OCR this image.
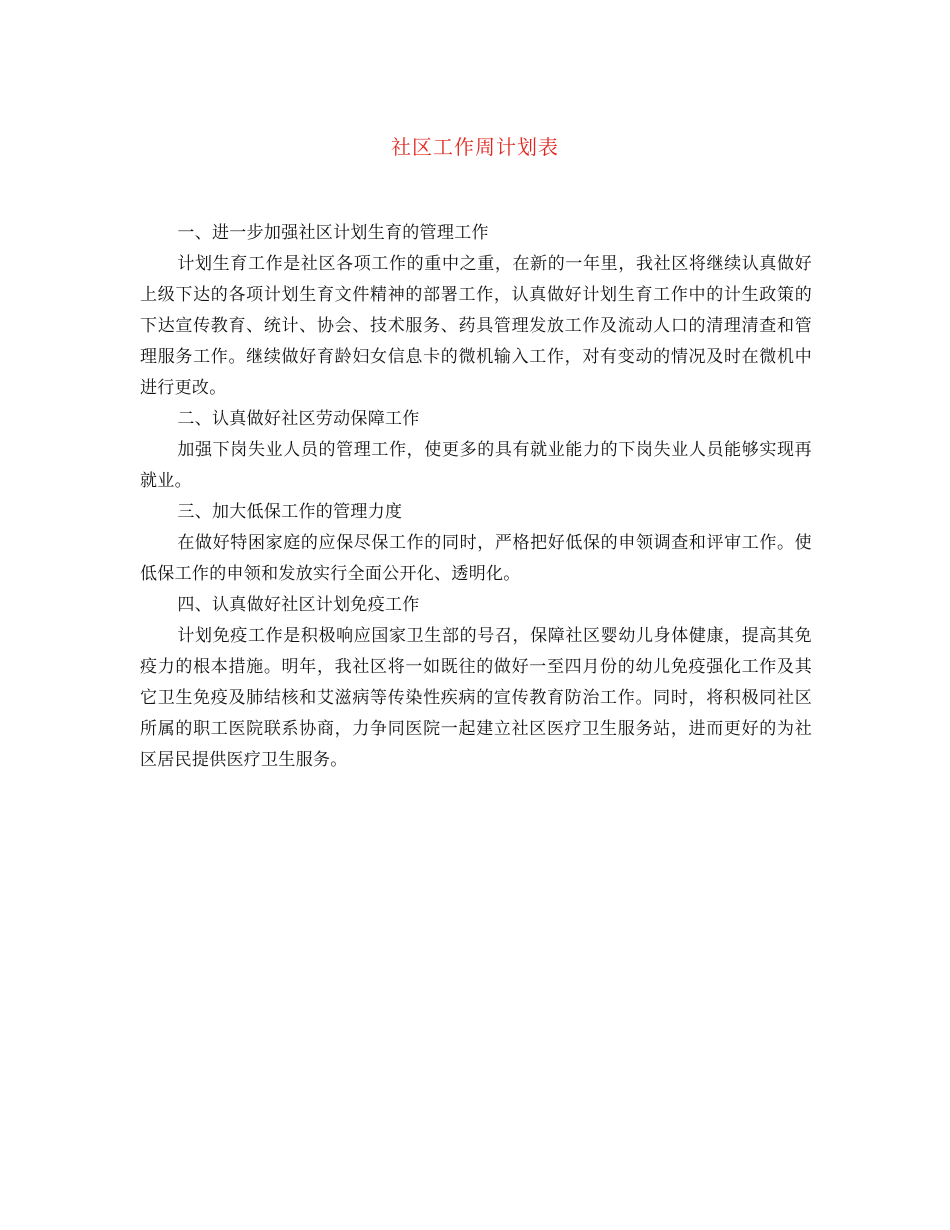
社区工作周计划表

一、进一步加强社区计划生育的管理工作

计划生育工作是社区各项工作的重中之重，在新的一年里，我社区将继续认真做好上级下达的各项计划生育文件精神的部署工作，认真做好计划生育工作中的计生政策的下达宣传教育、统计、协会、技术服务、药具管理发放工作及流动人口的清理清查和管理服务工作。继续做好育龄妇女信息卡的微机输入工作，对有变动的情况及时在微机中进行更改。

二、认真做好社区劳动保障工作

加强下岗失业人员的管理工作，使更多的具有就业能力的下岗失业人员能够实现再就业。

三、加大低保工作的管理力度

在做好特困家庭的应保尽保工作的同时，严格把好低保的申领调查和评审工作。使低保工作的申领和发放实行全面公开化、透明化。

四、认真做好社区计划免疫工作

计划免疫工作是积极响应国家卫生部的号召，保障社区婴幼儿身体健康，提高其免疫力的根本措施。明年，我社区将一如既往的做好一至四月份的幼儿免疫强化工作及其它卫生免疫及肺结核和艾滋病等传染性疾病的宣传教育防治工作。同时，将积极同社区所属的职工医院联系协商，力争同医院一起建立社区医疗卫生服务站，进而更好的为社区居民提供医疗卫生服务。
